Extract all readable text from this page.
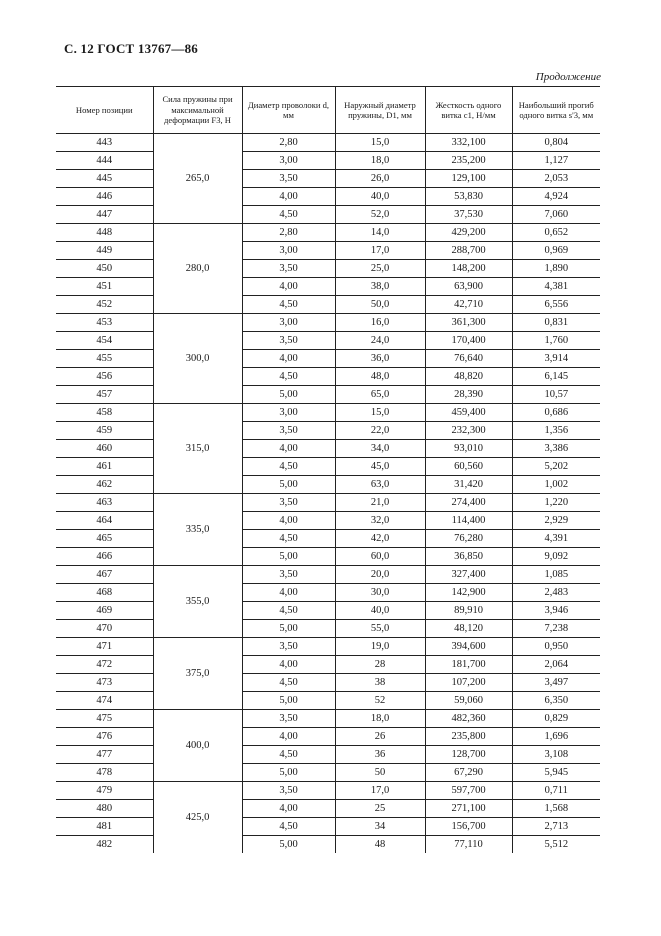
С. 12 ГОСТ 13767—86
Продолжение
Номер позиции	Сила пружины при максимальной деформации F3, Н	Диаметр проволоки d, мм	Наружный диаметр пружины, D1, мм	Жесткость одного витка c1, Н/мм	Наибольший прогиб одного витка s'3, мм
443	265,0	2,80	15,0	332,100	0,804
444		3,00	18,0	235,200	1,127
445		3,50	26,0	129,100	2,053
446		4,00	40,0	53,830	4,924
447		4,50	52,0	37,530	7,060
448	280,0	2,80	14,0	429,200	0,652
449		3,00	17,0	288,700	0,969
450		3,50	25,0	148,200	1,890
451		4,00	38,0	63,900	4,381
452		4,50	50,0	42,710	6,556
453	300,0	3,00	16,0	361,300	0,831
454		3,50	24,0	170,400	1,760
455		4,00	36,0	76,640	3,914
456		4,50	48,0	48,820	6,145
457		5,00	65,0	28,390	10,57
458	315,0	3,00	15,0	459,400	0,686
459		3,50	22,0	232,300	1,356
460		4,00	34,0	93,010	3,386
461		4,50	45,0	60,560	5,202
462		5,00	63,0	31,420	1,002
463	335,0	3,50	21,0	274,400	1,220
464		4,00	32,0	114,400	2,929
465		4,50	42,0	76,280	4,391
466		5,00	60,0	36,850	9,092
467	355,0	3,50	20,0	327,400	1,085
468		4,00	30,0	142,900	2,483
469		4,50	40,0	89,910	3,946
470		5,00	55,0	48,120	7,238
471	375,0	3,50	19,0	394,600	0,950
472		4,00	28	181,700	2,064
473		4,50	38	107,200	3,497
474		5,00	52	59,060	6,350
475	400,0	3,50	18,0	482,360	0,829
476		4,00	26	235,800	1,696
477		4,50	36	128,700	3,108
478		5,00	50	67,290	5,945
479	425,0	3,50	17,0	597,700	0,711
480		4,00	25	271,100	1,568
481		4,50	34	156,700	2,713
482		5,00	48	77,110	5,512
